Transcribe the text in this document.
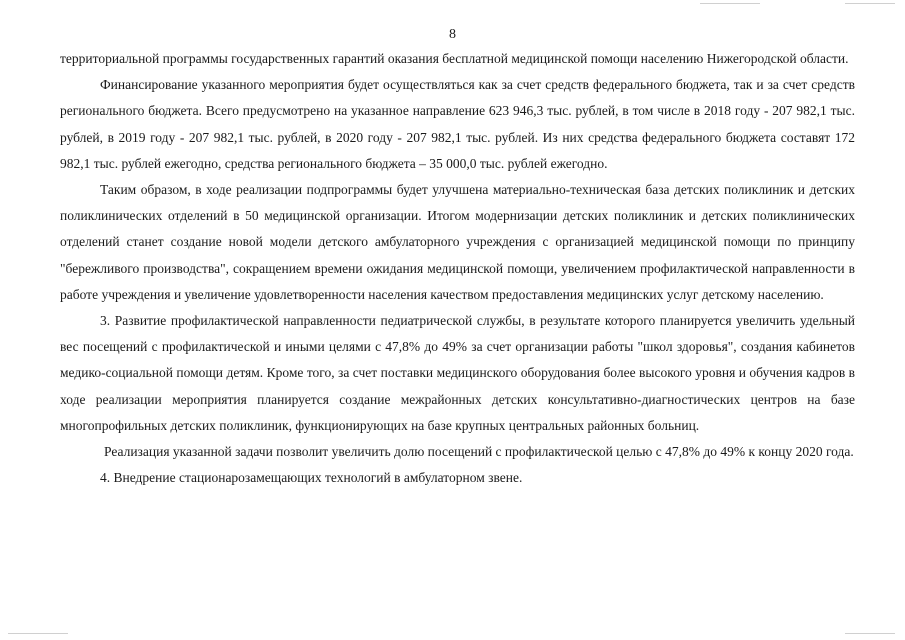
8

территориальной программы государственных гарантий оказания бесплатной медицинской помощи населению Нижегородской области.

Финансирование указанного мероприятия будет осуществляться как за счет средств федерального бюджета, так и за счет средств регионального бюджета. Всего предусмотрено на указанное направление 623 946,3 тыс. рублей, в том числе в 2018 году - 207 982,1 тыс. рублей, в 2019 году - 207 982,1 тыс. рублей, в 2020 году - 207 982,1 тыс. рублей. Из них средства федерального бюджета составят 172 982,1 тыс. рублей ежегодно, средства регионального бюджета – 35 000,0 тыс. рублей ежегодно.

Таким образом, в ходе реализации подпрограммы будет улучшена материально-техническая база детских поликлиник и детских поликлинических отделений в 50 медицинской организации. Итогом модернизации детских поликлиник и детских поликлинических отделений станет создание новой модели детского амбулаторного учреждения с организацией медицинской помощи по принципу "бережливого производства", сокращением времени ожидания медицинской помощи, увеличением профилактической направленности в работе учреждения и увеличение удовлетворенности населения качеством предоставления медицинских услуг детскому населению.

3. Развитие профилактической направленности педиатрической службы, в результате которого планируется увеличить удельный вес посещений с профилактической и иными целями с 47,8% до 49% за счет организации работы "школ здоровья", создания кабинетов медико-социальной помощи детям. Кроме того, за счет поставки медицинского оборудования более высокого уровня и обучения кадров в ходе реализации мероприятия планируется создание межрайонных детских консультативно-диагностических центров на базе многопрофильных детских поликлиник, функционирующих на базе крупных центральных районных больниц.

Реализация указанной задачи позволит увеличить долю посещений с профилактической целью с 47,8% до 49% к концу 2020 года.

4. Внедрение стационарозамещающих технологий в амбулаторном звене.
